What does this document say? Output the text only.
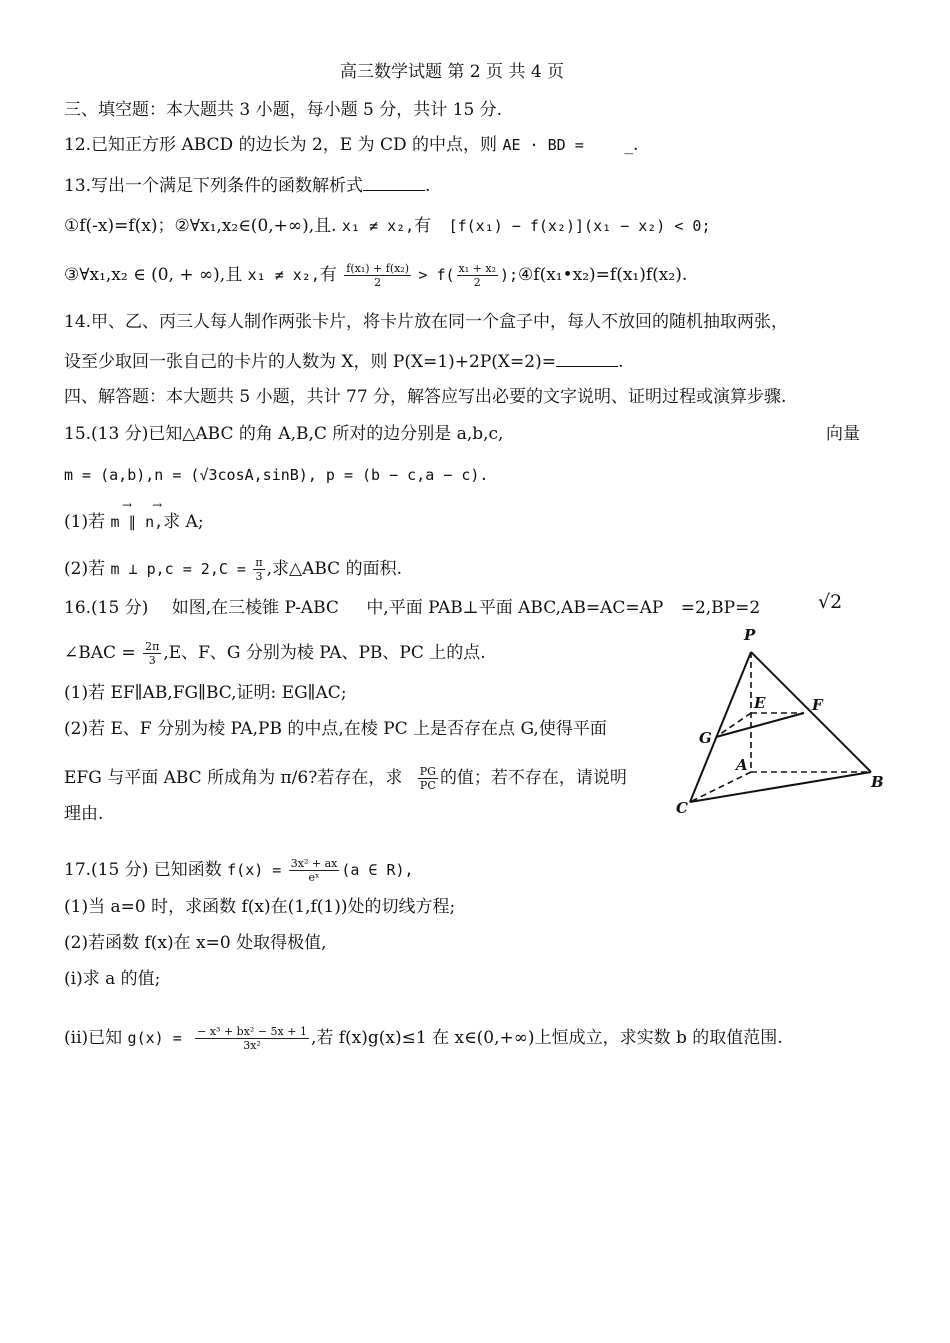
高三数学试题 第 2 页 共 4 页
三、填空题：本大题共 3 小题，每小题 5 分，共计 15 分.
12.已知正方形 ABCD 的边长为 2，E 为 CD 的中点，则 AE · BD = _.
13.写出一个满足下列条件的函数解析式	.
①f(-x)=f(x)；②∀x₁,x₂∈(0,+∞),且. x₁ ≠ x₂,有 [f(x₁) − f(x₂)](x₁ − x₂) < 0;
③∀x₁,x₂ ∈ (0, + ∞),且 x₁ ≠ x₂,有 $\frac{\text{f(x₁) + f(x₂)}}{2} > f( \frac{\text{x₁ + x₂}}{2}$ );④f(x₁•x₂)=f(x₁)f(x₂).
14.甲、乙、丙三人每人制作两张卡片，将卡片放在同一个盒子中，每人不放回的随机抽取两张，
设至少取回一张自己的卡片的人数为 X，则 P(X=1)+2P(X=2)=	.
四、解答题：本大题共 5 小题，共计 77 分，解答应写出必要的文字说明、证明过程或演算步骤.
15.(13 分)已知△ABC 的角 A,B,C 所对的边分别是 a,b,c,	向量
m = (a,b),n = (√3cosA,sinB), p = (b − c,a − c).
(1)若 m ∥ n,求 A;
→ →
(2)若 m ⊥ $p,c = 2,C = \frac{\pi}{3}$ ,求△ABC 的面积.
16.(15 分) 如图,在三棱锥 P-ABC 中,平面 PAB⊥平面 ABC,AB=AC=AP =2,BP=2	√2
∠BAC = $\frac{2\pi}{3} ,E$、F、G 分别为棱 PA、PB、PC 上的点.
(1)若 EF∥AB,FG∥BC,证明: EG∥AC;
(2)若 E、F 分别为棱 PA,PB 的中点,在棱 PC 上是否存在点 G,使得平面
EFG 与平面 ABC 所成角为 π/6?若存在，求 $\frac{PG}{PC}$ 的值；若不存在，请说明
理由.
P
E	F
G
A
B
C
17.(15 分) 已知函数 $f(x) = \frac{\text{3x² + ax}}{\text{eˣ}} (a$ ∈ R),
(1)当 a=0 时，求函数 f(x)在(1,f(1))处的切线方程;
(2)若函数 f(x)在 x=0 处取得极值,
(i)求 a 的值;
(ii)已知 $g(x) = \frac{\text{− x³ + bx² − 5x + 1}}{\text{3x²}}$ ,若 f(x)g(x)≤1 在 x∈(0,+∞)上恒成立，求实数 b 的取值范围.
